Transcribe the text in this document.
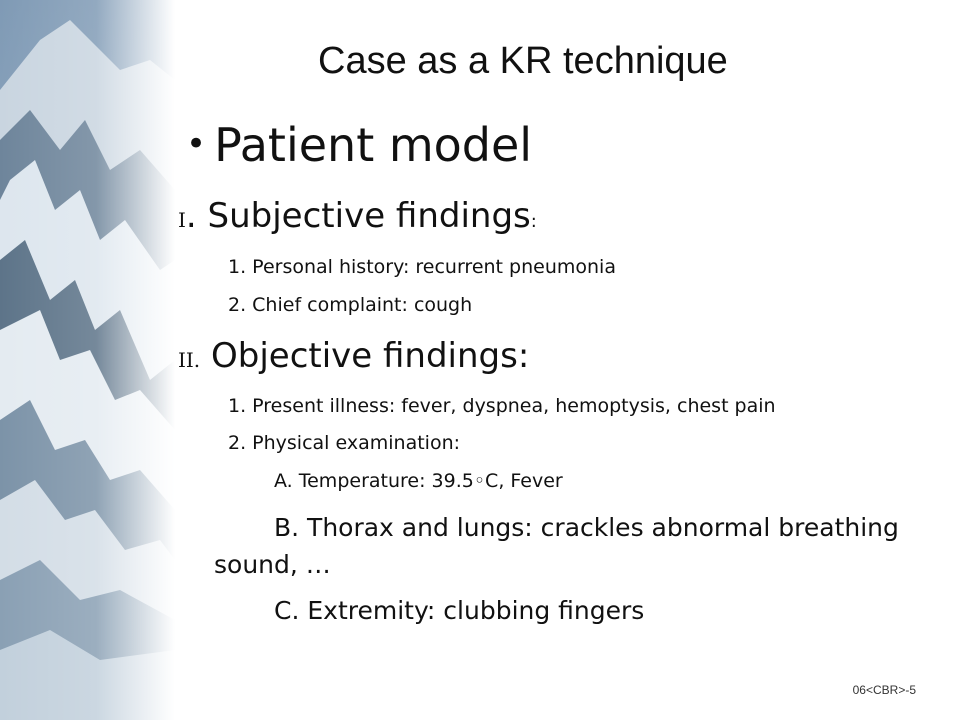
Case as a KR technique
• Patient model
I. Subjective findings:
1. Personal history: recurrent pneumonia
2. Chief complaint: cough
II. Objective findings:
1. Present illness: fever, dyspnea, hemoptysis, chest pain
2. Physical examination:
A. Temperature: 39.5◦C, Fever
B. Thorax and lungs: crackles abnormal breathing sound, …
C. Extremity: clubbing fingers
06<CBR>-5
